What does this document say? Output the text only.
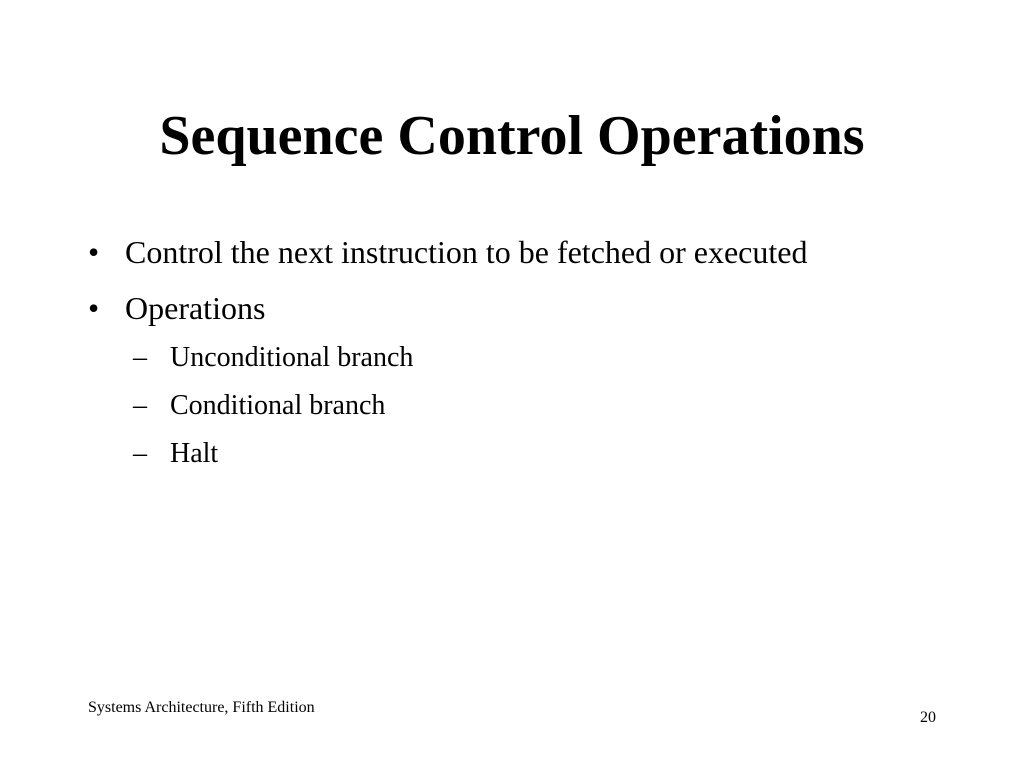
Sequence Control Operations
• Control the next instruction to be fetched or executed
• Operations
– Unconditional branch
– Conditional branch
– Halt
Systems Architecture, Fifth Edition
20
